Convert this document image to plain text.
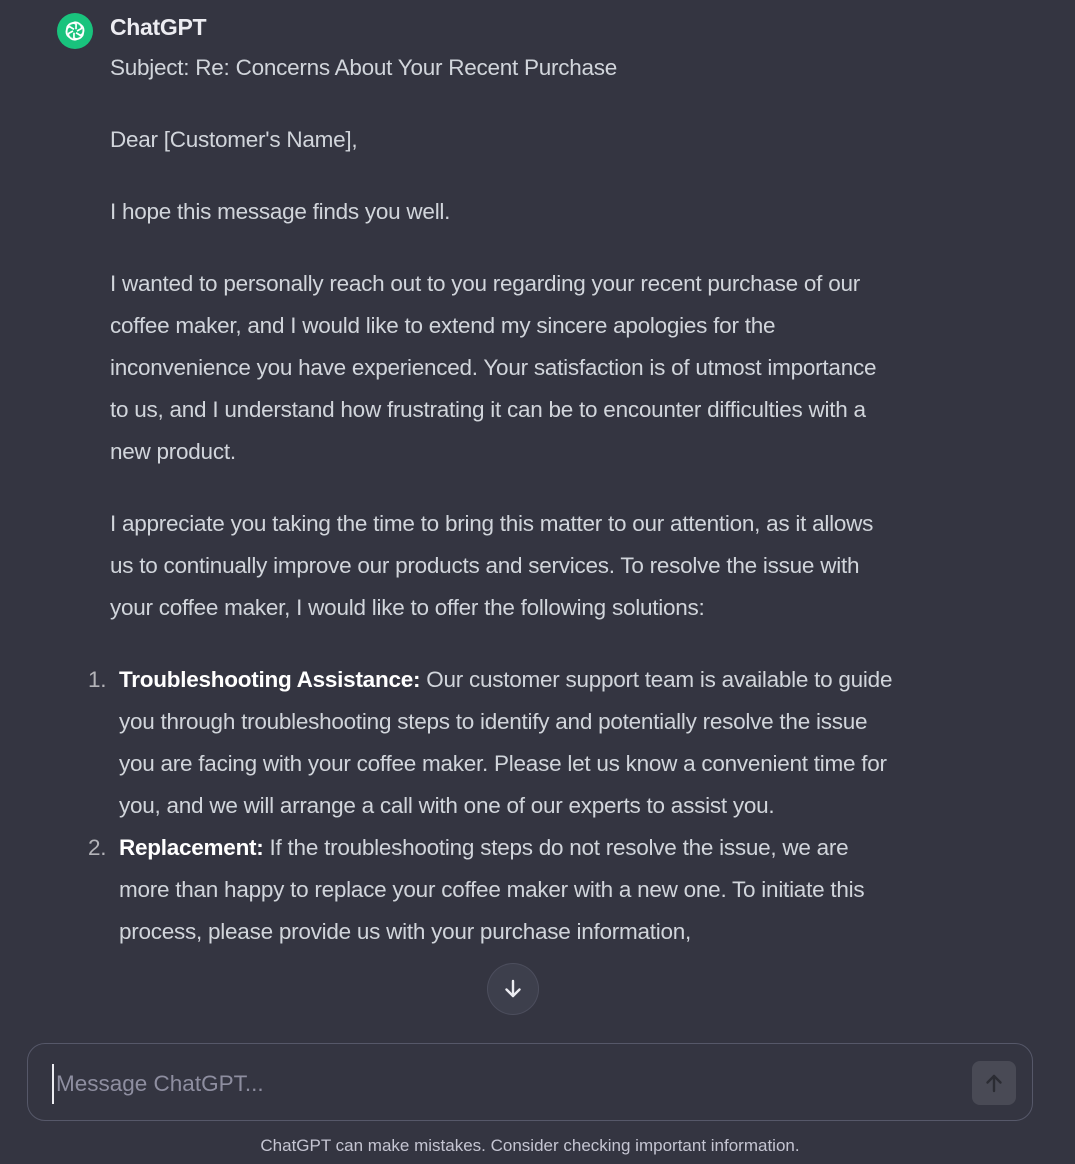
ChatGPT

Subject: Re: Concerns About Your Recent Purchase

Dear [Customer's Name],

I hope this message finds you well.

I wanted to personally reach out to you regarding your recent purchase of our coffee maker, and I would like to extend my sincere apologies for the inconvenience you have experienced. Your satisfaction is of utmost importance to us, and I understand how frustrating it can be to encounter difficulties with a new product.

I appreciate you taking the time to bring this matter to our attention, as it allows us to continually improve our products and services. To resolve the issue with your coffee maker, I would like to offer the following solutions:

1. Troubleshooting Assistance: Our customer support team is available to guide you through troubleshooting steps to identify and potentially resolve the issue you are facing with your coffee maker. Please let us know a convenient time for you, and we will arrange a call with one of our experts to assist you.
2. Replacement: If the troubleshooting steps do not resolve the issue, we are more than happy to replace your coffee maker with a new one. To initiate this process, please provide us with your purchase information,
Message ChatGPT...
ChatGPT can make mistakes. Consider checking important information.
